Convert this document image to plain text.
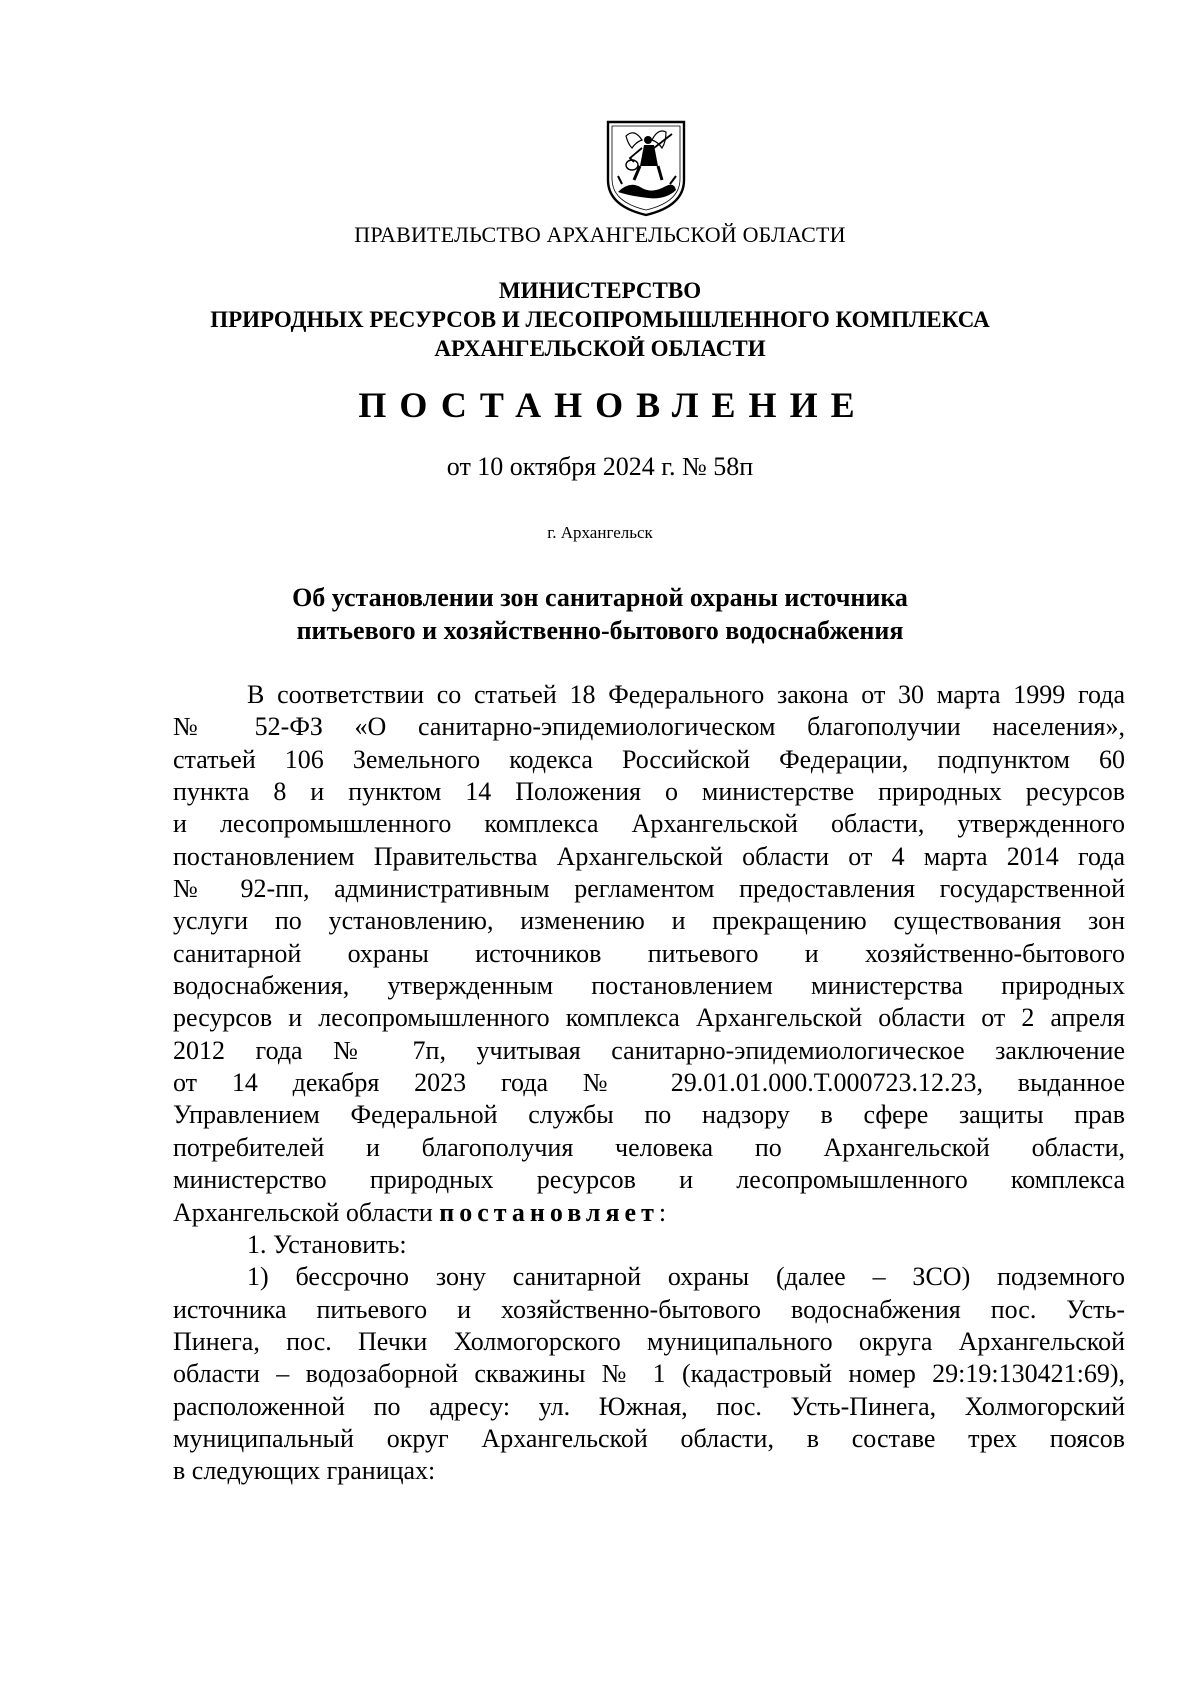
ПРАВИТЕЛЬСТВО АРХАНГЕЛЬСКОЙ ОБЛАСТИ
МИНИСТЕРСТВО
ПРИРОДНЫХ РЕСУРСОВ И ЛЕСОПРОМЫШЛЕННОГО КОМПЛЕКСА
АРХАНГЕЛЬСКОЙ ОБЛАСТИ
ПОСТАНОВЛЕНИЕ
от 10 октября 2024 г. № 58п
г. Архангельск
Об установлении зон санитарной охраны источника
питьевого и хозяйственно-бытового водоснабжения
В соответствии со статьей 18 Федерального закона от 30 марта 1999 года
№ 52-ФЗ «О санитарно-эпидемиологическом благополучии населения»,
статьей 106 Земельного кодекса Российской Федерации, подпунктом 60
пункта 8 и пунктом 14 Положения о министерстве природных ресурсов
и лесопромышленного комплекса Архангельской области, утвержденного
постановлением Правительства Архангельской области от 4 марта 2014 года
№ 92-пп, административным регламентом предоставления государственной
услуги по установлению, изменению и прекращению существования зон
санитарной охраны источников питьевого и хозяйственно-бытового
водоснабжения, утвержденным постановлением министерства природных
ресурсов и лесопромышленного комплекса Архангельской области от 2 апреля
2012 года № 7п, учитывая санитарно-эпидемиологическое заключение
от 14 декабря 2023 года № 29.01.01.000.Т.000723.12.23, выданное
Управлением Федеральной службы по надзору в сфере защиты прав
потребителей и благополучия человека по Архангельской области,
министерство природных ресурсов и лесопромышленного комплекса
Архангельской области постановляет:
1. Установить:
1) бессрочно зону санитарной охраны (далее – ЗСО) подземного
источника питьевого и хозяйственно-бытового водоснабжения пос. Усть-
Пинега, пос. Печки Холмогорского муниципального округа Архангельской
области – водозаборной скважины № 1 (кадастровый номер 29:19:130421:69),
расположенной по адресу: ул. Южная, пос. Усть-Пинега, Холмогорский
муниципальный округ Архангельской области, в составе трех поясов
в следующих границах:
